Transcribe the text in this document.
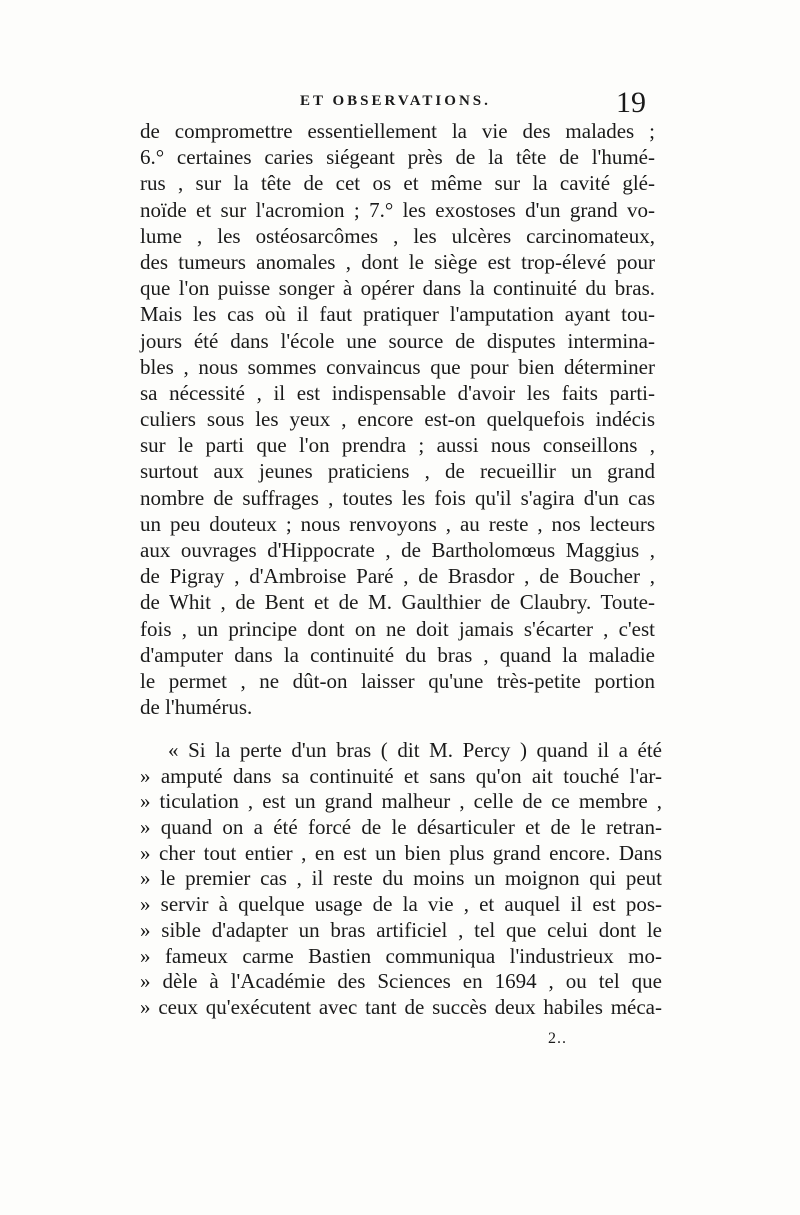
ET OBSERVATIONS.	19
de compromettre essentiellement la vie des malades ;
6.° certaines caries siégeant près de la tête de l'humé-
rus , sur la tête de cet os et même sur la cavité glé-
noïde et sur l'acromion ; 7.° les exostoses d'un grand vo-
lume , les ostéosarcômes , les ulcères carcinomateux,
des tumeurs anomales , dont le siège est trop-élevé pour
que l'on puisse songer à opérer dans la continuité du bras.
Mais les cas où il faut pratiquer l'amputation ayant tou-
jours été dans l'école une source de disputes intermina-
bles , nous sommes convaincus que pour bien déterminer
sa nécessité , il est indispensable d'avoir les faits parti-
culiers sous les yeux , encore est-on quelquefois indécis
sur le parti que l'on prendra ; aussi nous conseillons ,
surtout aux jeunes praticiens , de recueillir un grand
nombre de suffrages , toutes les fois qu'il s'agira d'un cas
un peu douteux ; nous renvoyons , au reste , nos lecteurs
aux ouvrages d'Hippocrate , de Bartholomœus Maggius ,
de Pigray , d'Ambroise Paré , de Brasdor , de Boucher ,
de Whit , de Bent et de M. Gaulthier de Claubry. Toute-
fois , un principe dont on ne doit jamais s'écarter , c'est
d'amputer dans la continuité du bras , quand la maladie
le permet , ne dût-on laisser qu'une très-petite portion
de l'humérus.
« Si la perte d'un bras ( dit M. Percy ) quand il a été
» amputé dans sa continuité et sans qu'on ait touché l'ar-
» ticulation , est un grand malheur , celle de ce membre ,
» quand on a été forcé de le désarticuler et de le retran-
» cher tout entier , en est un bien plus grand encore. Dans
» le premier cas , il reste du moins un moignon qui peut
» servir à quelque usage de la vie , et auquel il est pos-
» sible d'adapter un bras artificiel , tel que celui dont le
» fameux carme Bastien communiqua l'industrieux mo-
» dèle à l'Académie des Sciences en 1694 , ou tel que
» ceux qu'exécutent avec tant de succès deux habiles méca-
2..
